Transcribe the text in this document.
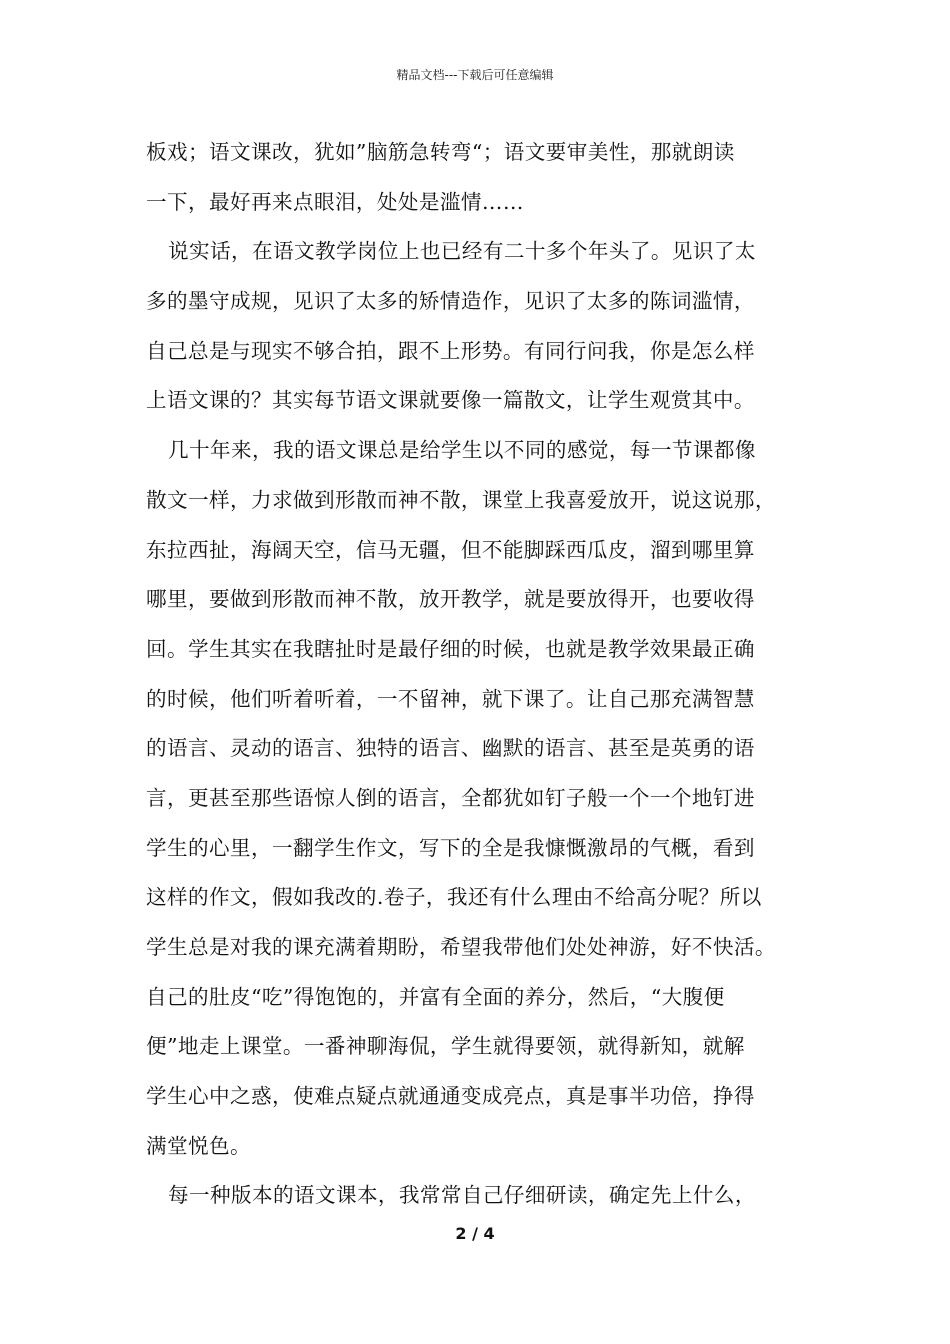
精品文档---下载后可任意编辑
板戏；语文课改，犹如”脑筋急转弯“；语文要审美性，那就朗读
一下，最好再来点眼泪，处处是滥情……
说实话，在语文教学岗位上也已经有二十多个年头了。见识了太
多的墨守成规，见识了太多的矫情造作，见识了太多的陈词滥情，
自己总是与现实不够合拍，跟不上形势。有同行问我，你是怎么样
上语文课的？其实每节语文课就要像一篇散文，让学生观赏其中。
几十年来，我的语文课总是给学生以不同的感觉，每一节课都像
散文一样，力求做到形散而神不散，课堂上我喜爱放开，说这说那，
东拉西扯，海阔天空，信马无疆，但不能脚踩西瓜皮，溜到哪里算
哪里，要做到形散而神不散，放开教学，就是要放得开，也要收得
回。学生其实在我瞎扯时是最仔细的时候，也就是教学效果最正确
的时候，他们听着听着，一不留神，就下课了。让自己那充满智慧
的语言、灵动的语言、独特的语言、幽默的语言、甚至是英勇的语
言，更甚至那些语惊人倒的语言，全都犹如钉子般一个一个地钉进
学生的心里，一翻学生作文，写下的全是我慷慨激昂的气概，看到
这样的作文，假如我改的.卷子，我还有什么理由不给高分呢？所以
学生总是对我的课充满着期盼，希望我带他们处处神游，好不快活。
自己的肚皮“吃”得饱饱的，并富有全面的养分，然后，“大腹便
便”地走上课堂。一番神聊海侃，学生就得要领，就得新知，就解
学生心中之惑，使难点疑点就通通变成亮点，真是事半功倍，挣得
满堂悦色。
每一种版本的语文课本，我常常自己仔细研读，确定先上什么，
2 / 4
